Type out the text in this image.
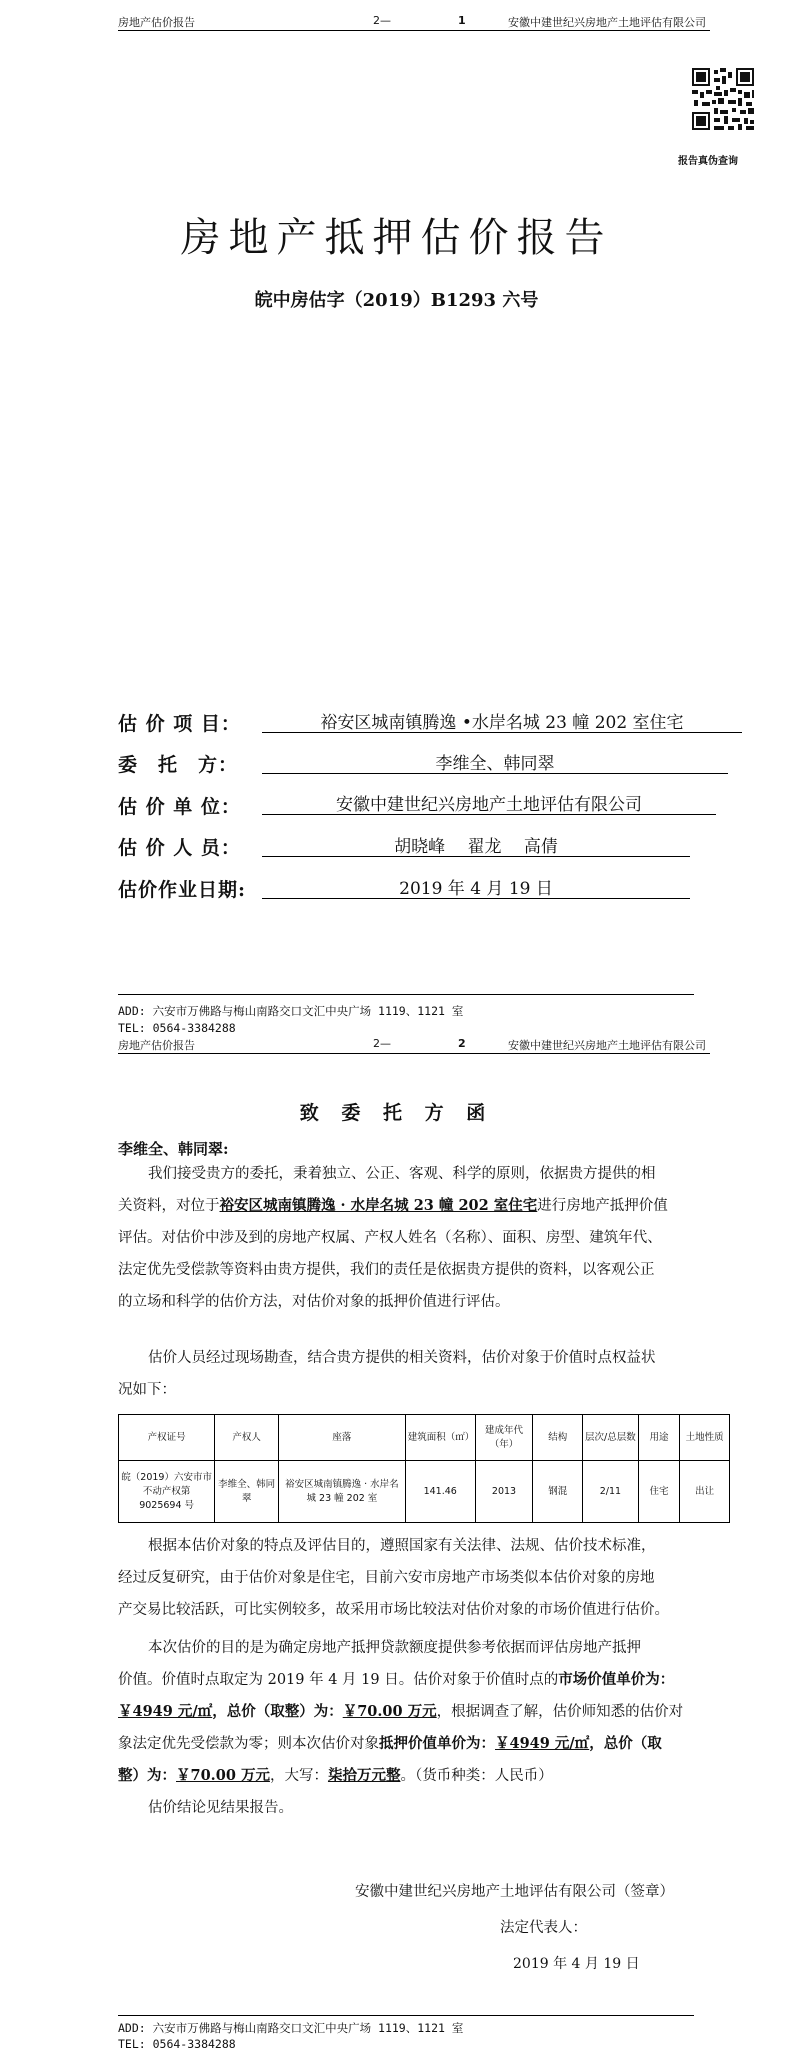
房地产估价报告	2—	1	安徽中建世纪兴房地产土地评估有限公司
报告真伪查询
房地产抵押估价报告
皖中房估字（2019）B1293 六号
估 价 项 目：	裕安区城南镇腾逸 •水岸名城 23 幢 202 室住宅
委　托　方：	李维全、韩同翠
估 价 单 位：	安徽中建世纪兴房地产土地评估有限公司
估 价 人 员：	胡晓峰　 翟龙　 高倩
估价作业日期:	2019 年 4 月 19 日
ADD: 六安市万佛路与梅山南路交口文汇中央广场 1119、1121 室
TEL: 0564-3384288
房地产估价报告	2—	2	安徽中建世纪兴房地产土地评估有限公司
致 委 托 方 函
李维全、韩同翠:
我们接受贵方的委托，秉着独立、公正、客观、科学的原则，依据贵方提供的相
关资料，对位于裕安区城南镇腾逸 · 水岸名城 23 幢 202 室住宅进行房地产抵押价值
评估。对估价中涉及到的房地产权属、产权人姓名（名称）、面积、房型、建筑年代、
法定优先受偿款等资料由贵方提供，我们的责任是依据贵方提供的资料，以客观公正
的立场和科学的估价方法，对估价对象的抵押价值进行评估。
估价人员经过现场勘查，结合贵方提供的相关资料，估价对象于价值时点权益状
况如下：
产权证号	产权人	座落	建筑面积（㎡）	建成年代（年）	结构	层次/总层数	用途	土地性质
皖（2019）六安市市不动产权第 9025694 号	李维全、韩同翠	裕安区城南镇腾逸 · 水岸名城 23 幢 202 室	141.46	2013	钢混	2/11	住宅	出让
根据本估价对象的特点及评估目的，遵照国家有关法律、法规、估价技术标准，
经过反复研究，由于估价对象是住宅，目前六安市房地产市场类似本估价对象的房地
产交易比较活跃，可比实例较多，故采用市场比较法对估价对象的市场价值进行估价。
本次估价的目的是为确定房地产抵押贷款额度提供参考依据而评估房地产抵押
价值。价值时点取定为 2019 年 4 月 19 日。估价对象于价值时点的市场价值单价为：
￥4949 元/㎡，总价（取整）为：￥70.00 万元，根据调查了解，估价师知悉的估价对
象法定优先受偿款为零；则本次估价对象抵押价值单价为：￥4949 元/㎡，总价（取
整）为：￥70.00 万元，大写：柒拾万元整。（货币种类：人民币）
估价结论见结果报告。
安徽中建世纪兴房地产土地评估有限公司（签章）
法定代表人：
2019 年 4 月 19 日
ADD: 六安市万佛路与梅山南路交口文汇中央广场 1119、1121 室
TEL: 0564-3384288
